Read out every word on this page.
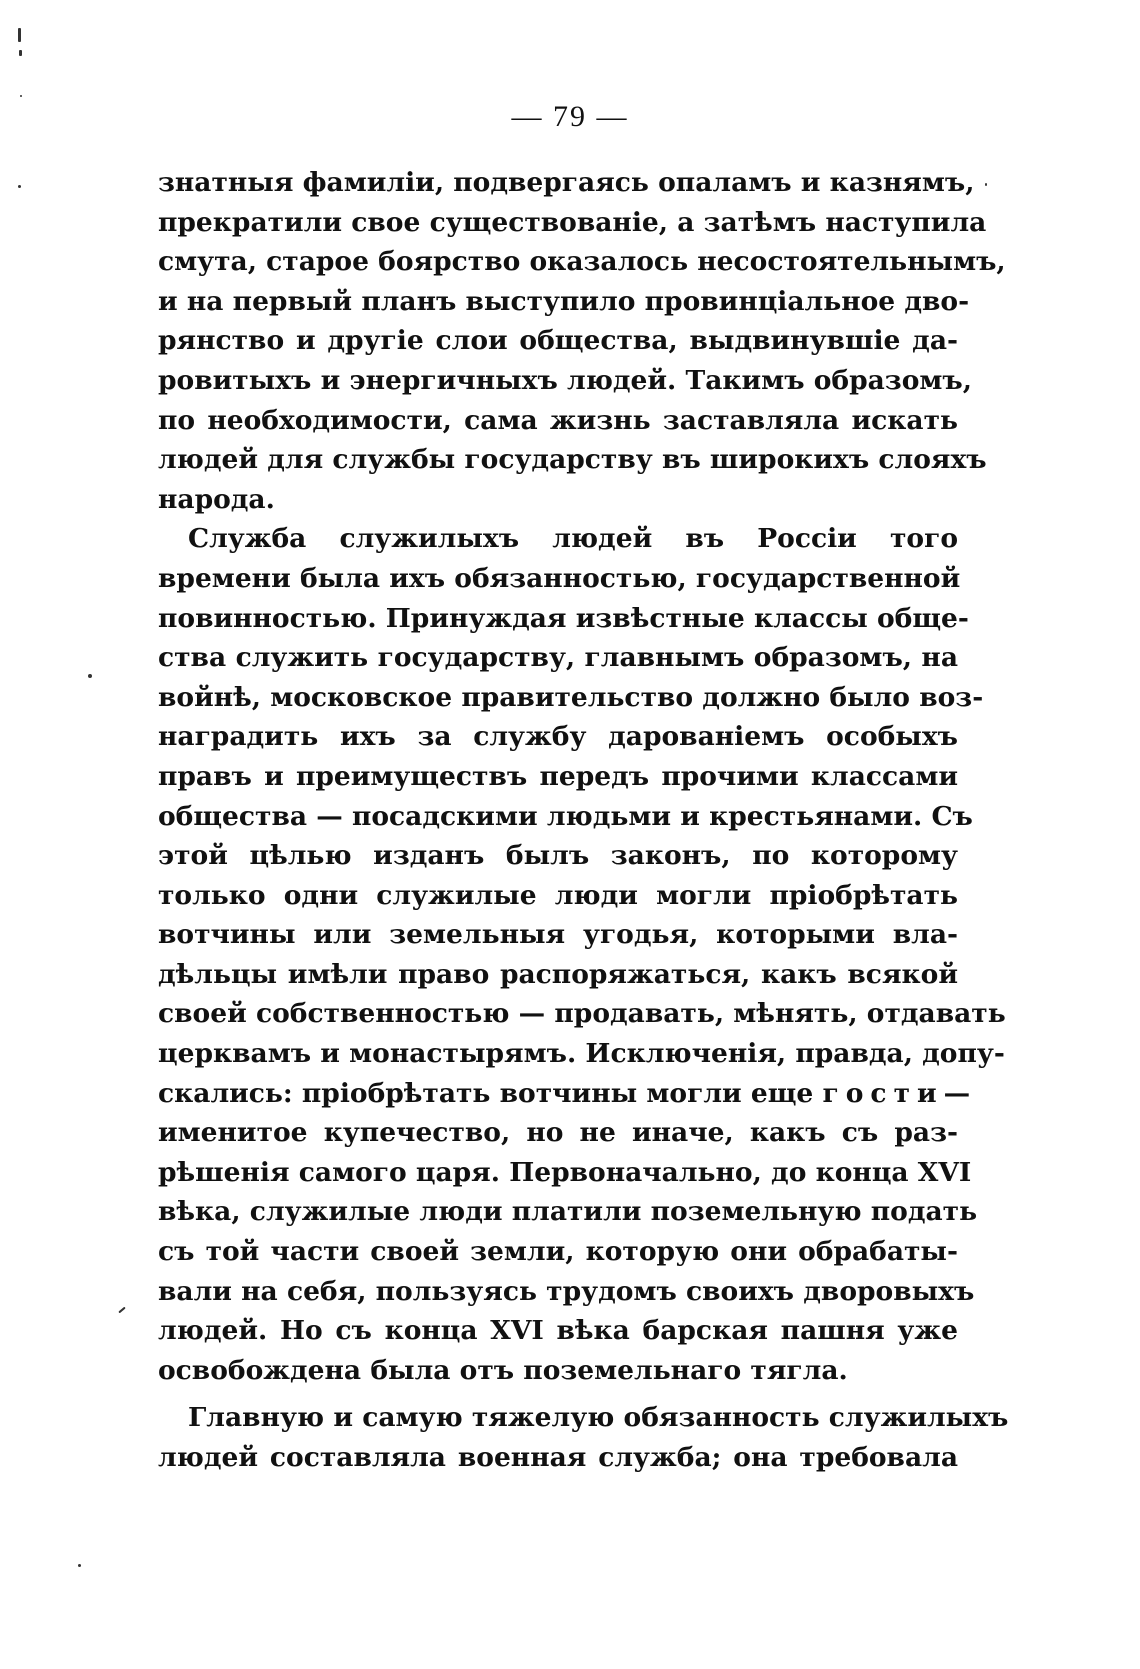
— 79 —
знатныя фамиліи, подвергаясь опаламъ и казнямъ,
прекратили свое существованіе, а затѣмъ наступила
смута, старое боярство оказалось несостоятельнымъ,
и на первый планъ выступило провинціальное дво-
рянство и другіе слои общества, выдвинувшіе да-
ровитыхъ и энергичныхъ людей. Такимъ образомъ,
по необходимости, сама жизнь заставляла искать
людей для службы государству въ широкихъ слояхъ
народа.
Служба служилыхъ людей въ Россіи того
времени была ихъ обязанностью, государственной
повинностью. Принуждая извѣстные классы обще-
ства служить государству, главнымъ образомъ, на
войнѣ, московское правительство должно было воз-
наградить ихъ за службу дарованіемъ особыхъ
правъ и преимуществъ передъ прочими классами
общества — посадскими людьми и крестьянами. Съ
этой цѣлью изданъ былъ законъ, по которому
только одни служилые люди могли пріобрѣтать
вотчины или земельныя угодья, которыми вла-
дѣльцы имѣли право распоряжаться, какъ всякой
своей собственностью — продавать, мѣнять, отдавать
церквамъ и монастырямъ. Исключенія, правда, допу-
скались: пріобрѣтать вотчины могли еще гости—
именитое купечество, но не иначе, какъ съ раз-
рѣшенія самого царя. Первоначально, до конца XVI
вѣка, служилые люди платили поземельную подать
съ той части своей земли, которую они обрабаты-
вали на себя, пользуясь трудомъ своихъ дворовыхъ
людей. Но съ конца XVI вѣка барская пашня уже
освобождена была отъ поземельнаго тягла.
Главную и самую тяжелую обязанность служилыхъ
людей составляла военная служба; она требовала
